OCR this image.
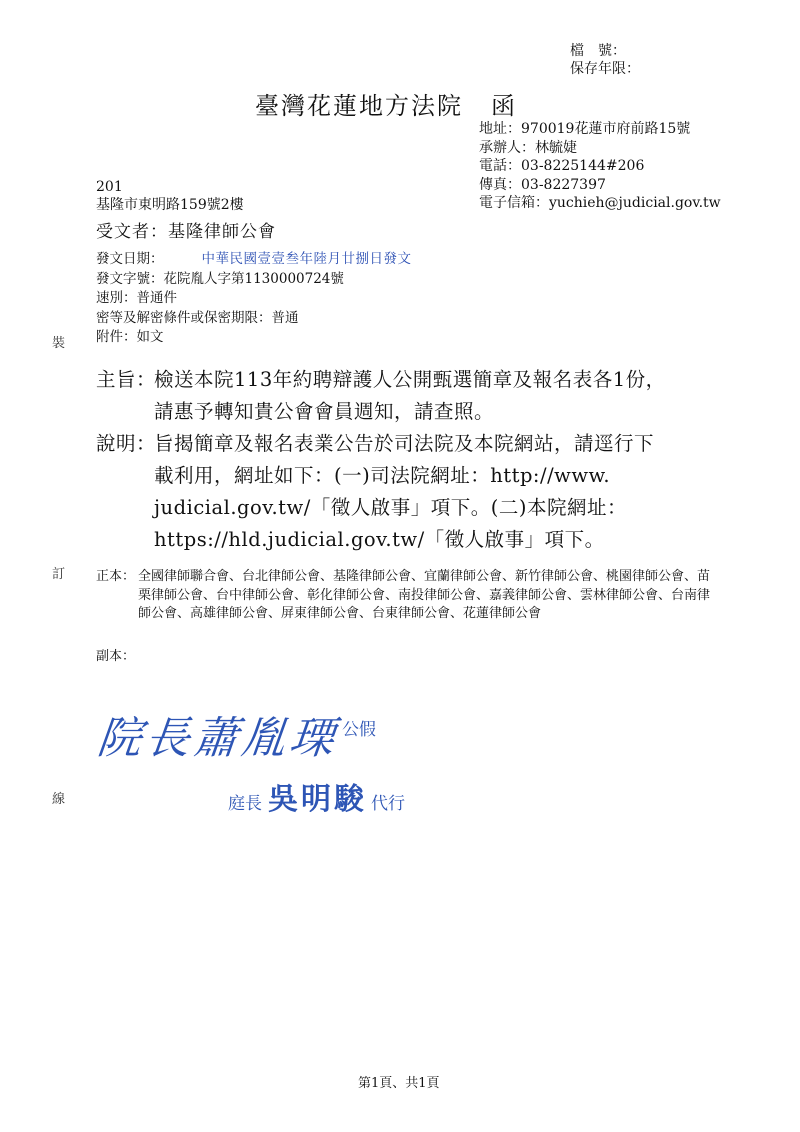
檔　號：
保存年限：
臺灣花蓮地方法院 函
地址：970019花蓮市府前路15號
承辦人：林毓婕
電話：03-8225144#206
傳真：03-8227397
電子信箱：yuchieh@judicial.gov.tw
201
基隆市東明路159號2樓
受文者：基隆律師公會
發文日期：	中華民國壹壹叁年陸月廿捌日發文
發文字號：花院胤人字第1130000724號
速別：普通件
密等及解密條件或保密期限：普通
附件：如文
主旨：
檢送本院113年約聘辯護人公開甄選簡章及報名表各1份，
請惠予轉知貴公會會員週知，請查照。
說明：
旨揭簡章及報名表業公告於司法院及本院網站，請逕行下
載利用，網址如下：(一)司法院網址：http://www.
judicial.gov.tw/「徵人啟事」項下。(二)本院網址：
https://hld.judicial.gov.tw/「徵人啟事」項下。
正本： 全國律師聯合會、台北律師公會、基隆律師公會、宜蘭律師公會、新竹律師公會、桃園律師公會、苗栗律師公會、台中律師公會、彰化律師公會、南投律師公會、嘉義律師公會、雲林律師公會、台南律師公會、高雄律師公會、屏東律師公會、台東律師公會、花蓮律師公會
副本：
院長蕭胤瑮 公假
庭長 吳明駿 代行
裝
訂
線
第1頁、共1頁
